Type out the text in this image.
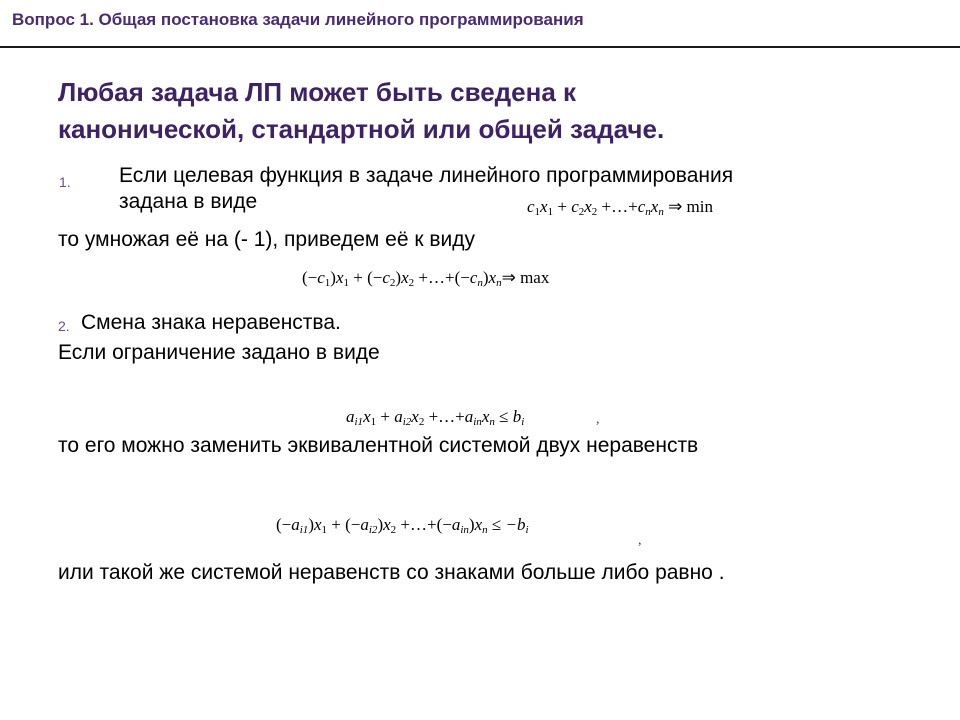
Вопрос 1. Общая постановка задачи линейного программирования
Любая задача ЛП может быть сведена к
канонической, стандартной или общей задаче.
1. Если целевая функция в задаче линейного программирования
задана в виде	$c_1x_1 + c_2x_2$ $+\dots+c_nx_n$ ⇒ min
то умножая её на (- 1), приведем её к виду
$(-c_1)x_1 + (-c_2)x_2$ $+\dots+(-c_n)x_n\Rightarrow$ max
2. Смена знака неравенства.
Если ограничение задано в виде
$a_{i1}x_1 + a_{i2}x_2$ $+\dots+a_{in}x_n \le b_i$	,
то его можно заменить эквивалентной системой двух неравенств
$(-a_{i1})x_1 + (-a_{i2})x_2$ $+\dots+(-a_{in})x_n \le -b_i$
,
или такой же системой неравенств со знаками больше либо равно .
